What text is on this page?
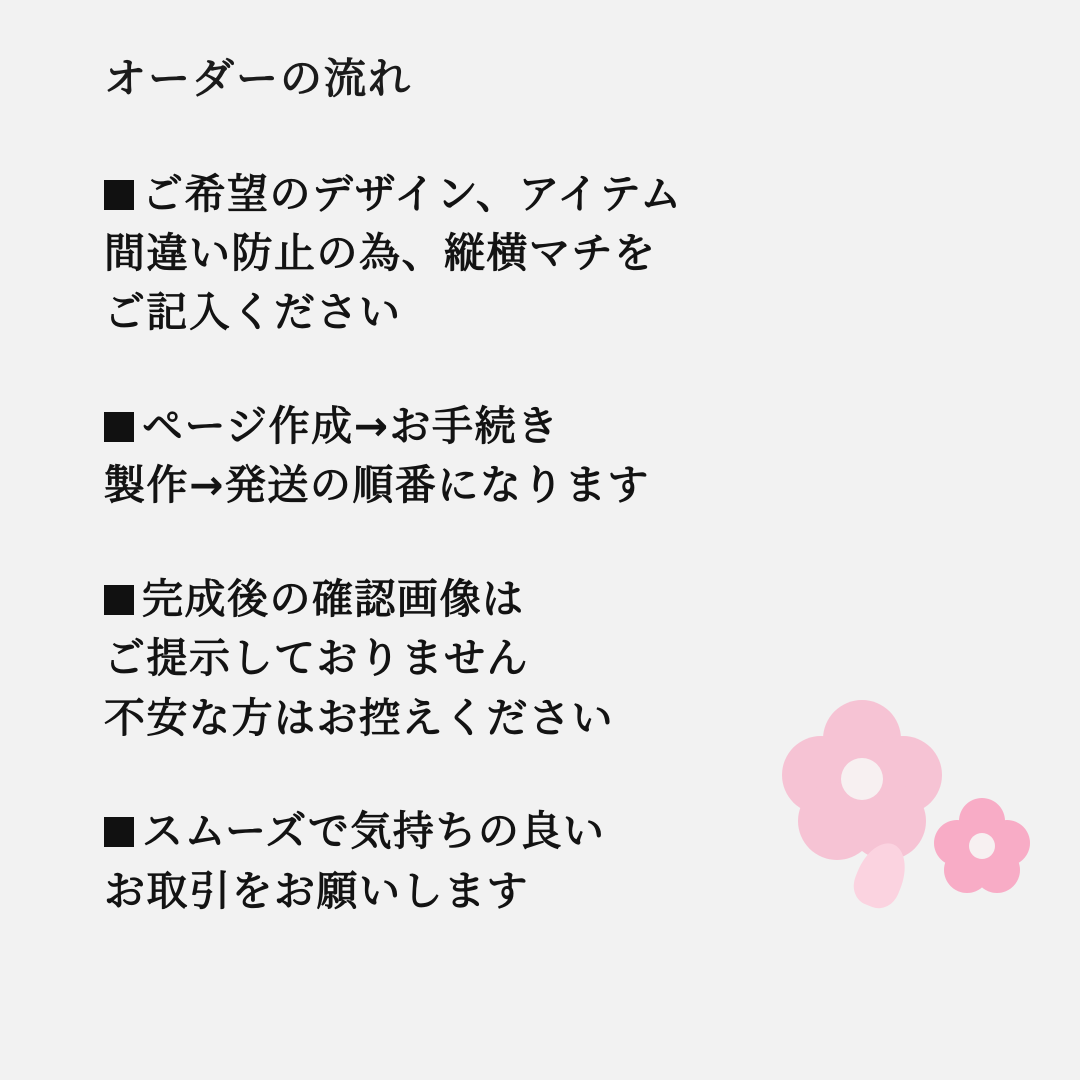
オーダーの流れ
ご希望のデザイン、アイテム
間違い防止の為、縦横マチを
ご記入ください
ページ作成→お手続き
製作→発送の順番になります
完成後の確認画像は
ご提示しておりません
不安な方はお控えください
スムーズで気持ちの良い
お取引をお願いします
